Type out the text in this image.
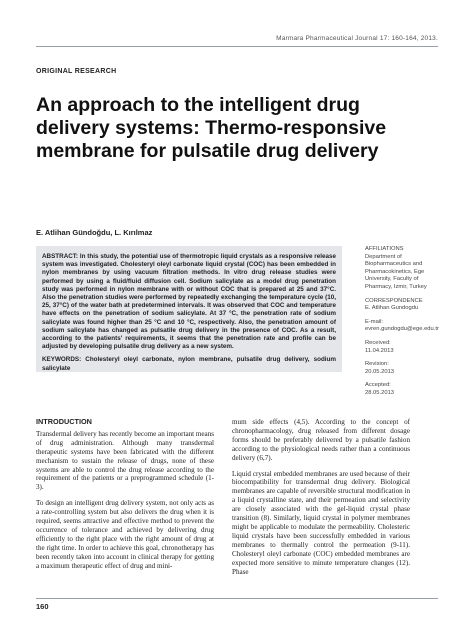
Marmara Pharmaceutical Journal 17: 160-164, 2013.
ORIGINAL RESEARCH
An approach to the intelligent drug delivery systems: Thermo-responsive membrane for pulsatile drug delivery
E. Atlihan Gündoğdu, L. Kırılmaz

ABSTRACT: In this study, the potential use of thermotropic liquid crystals as a responsive release system was investigated. Cholesteryl oleyl carbonate liquid crystal (COC) has been embedded in nylon membranes by using vacuum filtration methods. In vitro drug release studies were performed by using a fluid/fluid diffusion cell. Sodium salicylate as a model drug penetration study was performed in nylon membrane with or without COC that is prepared at 25 and 37°C. Also the penetration studies were performed by repeatedly exchanging the temperature cycle (10, 25, 37°C) of the water bath at predetermined intervals. It was observed that COC and temperature have effects on the penetration of sodium salicylate. At 37 °C, the penetration rate of sodium salicylate was found higher than 25 °C and 10 °C, respectively. Also, the penetration amount of sodium salicylate has changed as pulsatile drug delivery in the presence of COC. As a result, according to the patients' requirements, it seems that the penetration rate and profile can be adjusted by developing pulsatile drug delivery as a new system.

KEYWORDS: Cholesteryl oleyl carbonate, nylon membrane, pulsatile drug delivery, sodium salicylate

AFFILIATIONS
Department of Biopharmaceutics and Pharmacokinetics, Ege University, Faculty of Pharmacy, Izmir, Turkey
CORRESPONDENCE
E. Atlihan Gundogdu
E-mail:
evren.gundogdu@ege.edu.tr
Received:
11.04.2013
Revision:
20.05.2013
Accepted:
28.05.2013
INTRODUCTION

Transdermal delivery has recently become an important means of drug administration. Although many transdermal therapeutic systems have been fabricated with the different mechanism to sustain the release of drugs, none of these systems are able to control the drug release according to the requirement of the patients or a preprogrammed schedule (1-3).

To design an intelligent drug delivery system, not only acts as a rate-controlling system but also delivers the drug when it is required, seems attractive and effective method to prevent the occurrence of tolerance and achieved by delivering drug efficiently to the right place with the right amount of drug at the right time. In order to achieve this goal, chronotherapy has been recently taken into account in clinical therapy for getting a maximum therapeutic effect of drug and mini-

mum side effects (4,5). According to the concept of chronopharmacology, drug released from different dosage forms should be preferably delivered by a pulsatile fashion according to the physiological needs rather than a continuous delivery (6,7).

Liquid crystal embedded membranes are used because of their biocompatibility for transdermal drug delivery. Biological membranes are capable of reversible structural modification in a liquid crystalline state, and their permeation and selectivity are closely associated with the gel-liquid crystal phase transition (8). Similarly, liquid crystal in polymer membranes might be applicable to modulate the permeability. Cholesteric liquid crystals have been successfully embedded in various membranes to thermally control the permeation (9-11). Cholesteryl oleyl carbonate (COC) embedded membranes are expected more sensitive to minute temperature changes (12). Phase

160
